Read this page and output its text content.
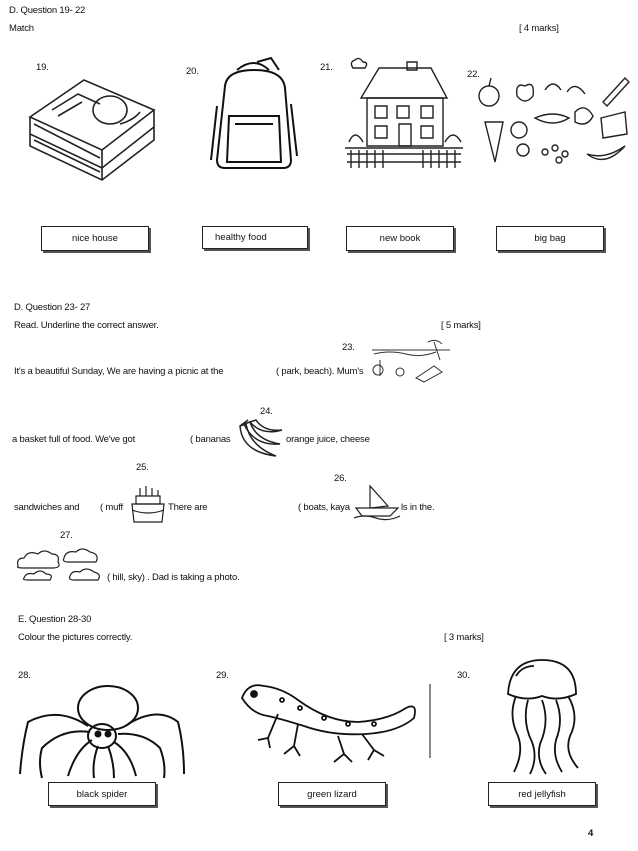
D. Question 19- 22
Match	[ 4 marks]
19.	20.	21.
22.
nice house	healthy food	new book	big bag
D. Question 23- 27
Read. Underline the correct answer.	[ 5 marks]
23.
It's a beautiful Sunday, We are having a picnic at the	( park, beach). Mum's
24.
a basket full of food. We've got	( bananas	orange juice, cheese
25.
26.
sandwiches and ( muff	There are	( boats, kaya	ls in the.
27.
( hill, sky) . Dad is taking a photo.
E. Question 28-30
Colour the pictures correctly.	[ 3 marks]
28.	29.	30.
black spider	green lizard	red jellyfish
4
